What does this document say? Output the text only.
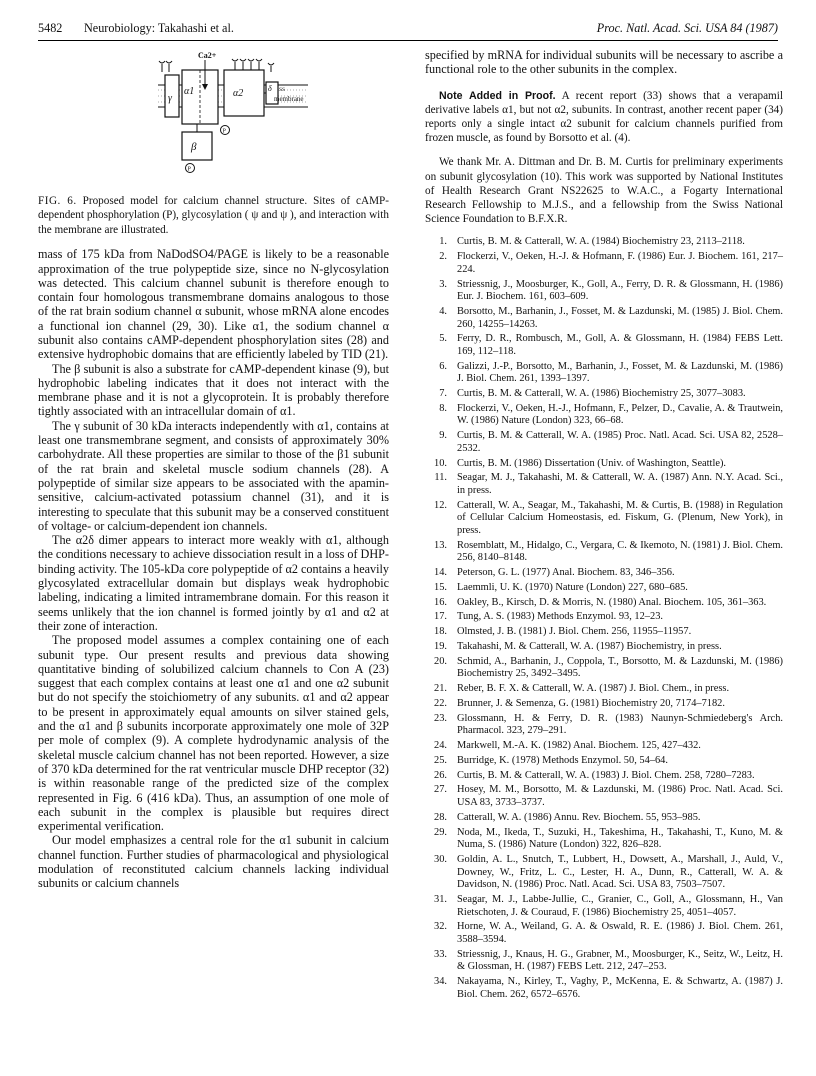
5482 Neurobiology: Takahashi et al.	Proc. Natl. Acad. Sci. USA 84 (1987)
Ca2+
α1	α2
γ
β
δ SS
membrane
P
P

FIG. 6. Proposed model for calcium channel structure. Sites of cAMP-dependent phosphorylation (P), glycosylation ( ψ and ψ ), and interaction with the membrane are illustrated.

mass of 175 kDa from NaDodSO4/PAGE is likely to be a reasonable approximation of the true polypeptide size, since no N-glycosylation was detected. This calcium channel subunit is therefore enough to contain four homologous transmembrane domains analogous to those of the rat brain sodium channel α subunit, whose mRNA alone encodes a functional ion channel (29, 30). Like α1, the sodium channel α subunit also contains cAMP-dependent phosphorylation sites (28) and extensive hydrophobic domains that are efficiently labeled by TID (21).

The β subunit is also a substrate for cAMP-dependent kinase (9), but hydrophobic labeling indicates that it does not interact with the membrane phase and it is not a glycoprotein. It is probably therefore tightly associated with an intracellular domain of α1.

The γ subunit of 30 kDa interacts independently with α1, contains at least one transmembrane segment, and consists of approximately 30% carbohydrate. All these properties are similar to those of the β1 subunit of the rat brain and skeletal muscle sodium channels (28). A polypeptide of similar size appears to be associated with the apamin-sensitive, calcium-activated potassium channel (31), and it is interesting to speculate that this subunit may be a conserved constituent of voltage- or calcium-dependent ion channels.

The α2δ dimer appears to interact more weakly with α1, although the conditions necessary to achieve dissociation result in a loss of DHP-binding activity. The 105-kDa core polypeptide of α2 contains a heavily glycosylated extracellular domain but displays weak hydrophobic labeling, indicating a limited intramembrane domain. For this reason it seems unlikely that the ion channel is formed jointly by α1 and α2 at their zone of interaction.

The proposed model assumes a complex containing one of each subunit type. Our present results and previous data showing quantitative binding of solubilized calcium channels to Con A (23) suggest that each complex contains at least one α1 and one α2 subunit but do not specify the stoichiometry of any subunits. α1 and α2 appear to be present in approximately equal amounts on silver stained gels, and the α1 and β subunits incorporate approximately one mole of 32P per mole of complex (9). A complete hydrodynamic analysis of the skeletal muscle calcium channel has not been reported. However, a size of 370 kDa determined for the rat ventricular muscle DHP receptor (32) is within reasonable range of the predicted size of the complex represented in Fig. 6 (416 kDa). Thus, an assumption of one mole of each subunit in the complex is plausible but requires direct experimental verification.

Our model emphasizes a central role for the α1 subunit in calcium channel function. Further studies of pharmacological and physiological modulation of reconstituted calcium channels lacking individual subunits or calcium channels

specified by mRNA for individual subunits will be necessary to ascribe a functional role to the other subunits in the complex.

Note Added in Proof. A recent report (33) shows that a verapamil derivative labels α1, but not α2, subunits. In contrast, another recent paper (34) reports only a single intact α2 subunit for calcium channels purified from frozen muscle, as found by Borsotto et al. (4).

We thank Mr. A. Dittman and Dr. B. M. Curtis for preliminary experiments on subunit glycosylation (10). This work was supported by National Institutes of Health Research Grant NS22625 to W.A.C., a Fogarty International Research Fellowship to M.J.S., and a fellowship from the Swiss National Science Foundation to B.F.X.R.

1. Curtis, B. M. & Catterall, W. A. (1984) Biochemistry 23, 2113–2118.
2. Flockerzi, V., Oeken, H.-J. & Hofmann, F. (1986) Eur. J. Biochem. 161, 217–224.
3. Striessnig, J., Moosburger, K., Goll, A., Ferry, D. R. & Glossmann, H. (1986) Eur. J. Biochem. 161, 603–609.
4. Borsotto, M., Barhanin, J., Fosset, M. & Lazdunski, M. (1985) J. Biol. Chem. 260, 14255–14263.
5. Ferry, D. R., Rombusch, M., Goll, A. & Glossmann, H. (1984) FEBS Lett. 169, 112–118.
6. Galizzi, J.-P., Borsotto, M., Barhanin, J., Fosset, M. & Lazdunski, M. (1986) J. Biol. Chem. 261, 1393–1397.
7. Curtis, B. M. & Catterall, W. A. (1986) Biochemistry 25, 3077–3083.
8. Flockerzi, V., Oeken, H.-J., Hofmann, F., Pelzer, D., Cavalie, A. & Trautwein, W. (1986) Nature (London) 323, 66–68.
9. Curtis, B. M. & Catterall, W. A. (1985) Proc. Natl. Acad. Sci. USA 82, 2528–2532.
10. Curtis, B. M. (1986) Dissertation (Univ. of Washington, Seattle).
11. Seagar, M. J., Takahashi, M. & Catterall, W. A. (1987) Ann. N.Y. Acad. Sci., in press.
12. Catterall, W. A., Seagar, M., Takahashi, M. & Curtis, B. (1988) in Regulation of Cellular Calcium Homeostasis, ed. Fiskum, G. (Plenum, New York), in press.
13. Rosemblatt, M., Hidalgo, C., Vergara, C. & Ikemoto, N. (1981) J. Biol. Chem. 256, 8140–8148.
14. Peterson, G. L. (1977) Anal. Biochem. 83, 346–356.
15. Laemmli, U. K. (1970) Nature (London) 227, 680–685.
16. Oakley, B., Kirsch, D. & Morris, N. (1980) Anal. Biochem. 105, 361–363.
17. Tung, A. S. (1983) Methods Enzymol. 93, 12–23.
18. Olmsted, J. B. (1981) J. Biol. Chem. 256, 11955–11957.
19. Takahashi, M. & Catterall, W. A. (1987) Biochemistry, in press.
20. Schmid, A., Barhanin, J., Coppola, T., Borsotto, M. & Lazdunski, M. (1986) Biochemistry 25, 3492–3495.
21. Reber, B. F. X. & Catterall, W. A. (1987) J. Biol. Chem., in press.
22. Brunner, J. & Semenza, G. (1981) Biochemistry 20, 7174–7182.
23. Glossmann, H. & Ferry, D. R. (1983) Naunyn-Schmiedeberg's Arch. Pharmacol. 323, 279–291.
24. Markwell, M.-A. K. (1982) Anal. Biochem. 125, 427–432.
25. Burridge, K. (1978) Methods Enzymol. 50, 54–64.
26. Curtis, B. M. & Catterall, W. A. (1983) J. Biol. Chem. 258, 7280–7283.
27. Hosey, M. M., Borsotto, M. & Lazdunski, M. (1986) Proc. Natl. Acad. Sci. USA 83, 3733–3737.
28. Catterall, W. A. (1986) Annu. Rev. Biochem. 55, 953–985.
29. Noda, M., Ikeda, T., Suzuki, H., Takeshima, H., Takahashi, T., Kuno, M. & Numa, S. (1986) Nature (London) 322, 826–828.
30. Goldin, A. L., Snutch, T., Lubbert, H., Dowsett, A., Marshall, J., Auld, V., Downey, W., Fritz, L. C., Lester, H. A., Dunn, R., Catterall, W. A. & Davidson, N. (1986) Proc. Natl. Acad. Sci. USA 83, 7503–7507.
31. Seagar, M. J., Labbe-Jullie, C., Granier, C., Goll, A., Glossmann, H., Van Rietschoten, J. & Couraud, F. (1986) Biochemistry 25, 4051–4057.
32. Horne, W. A., Weiland, G. A. & Oswald, R. E. (1986) J. Biol. Chem. 261, 3588–3594.
33. Striessnig, J., Knaus, H. G., Grabner, M., Moosburger, K., Seitz, W., Leitz, H. & Glossman, H. (1987) FEBS Lett. 212, 247–253.
34. Nakayama, N., Kirley, T., Vaghy, P., McKenna, E. & Schwartz, A. (1987) J. Biol. Chem. 262, 6572–6576.
